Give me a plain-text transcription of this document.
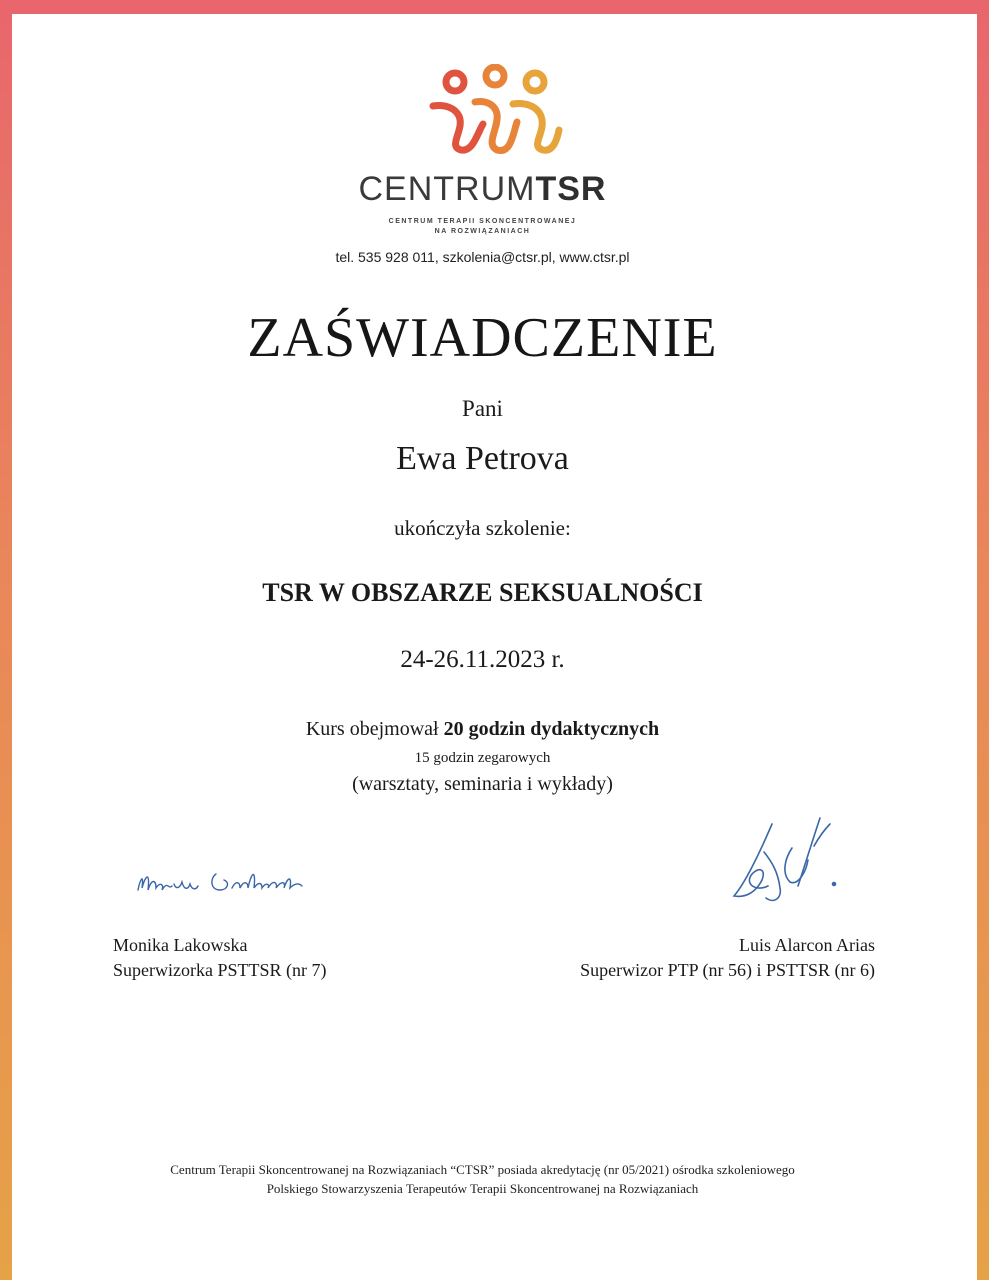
CENTRUMTSR
CENTRUM TERAPII SKONCENTROWANEJ
NA ROZWIĄZANIACH
tel. 535 928 011, szkolenia@ctsr.pl, www.ctsr.pl
ZAŚWIADCZENIE
Pani
Ewa Petrova
ukończyła szkolenie:
TSR W OBSZARZE SEKSUALNOŚCI
24-26.11.2023 r.
Kurs obejmował 20 godzin dydaktycznych
15 godzin zegarowych
(warsztaty, seminaria i wykłady)
Monika Lakowska
Superwizorka PSTTSR (nr 7)
Luis Alarcon Arias
Superwizor PTP (nr 56) i PSTTSR (nr 6)
Centrum Terapii Skoncentrowanej na Rozwiązaniach “CTSR” posiada akredytację (nr 05/2021) ośrodka szkoleniowego
Polskiego Stowarzyszenia Terapeutów Terapii Skoncentrowanej na Rozwiązaniach
